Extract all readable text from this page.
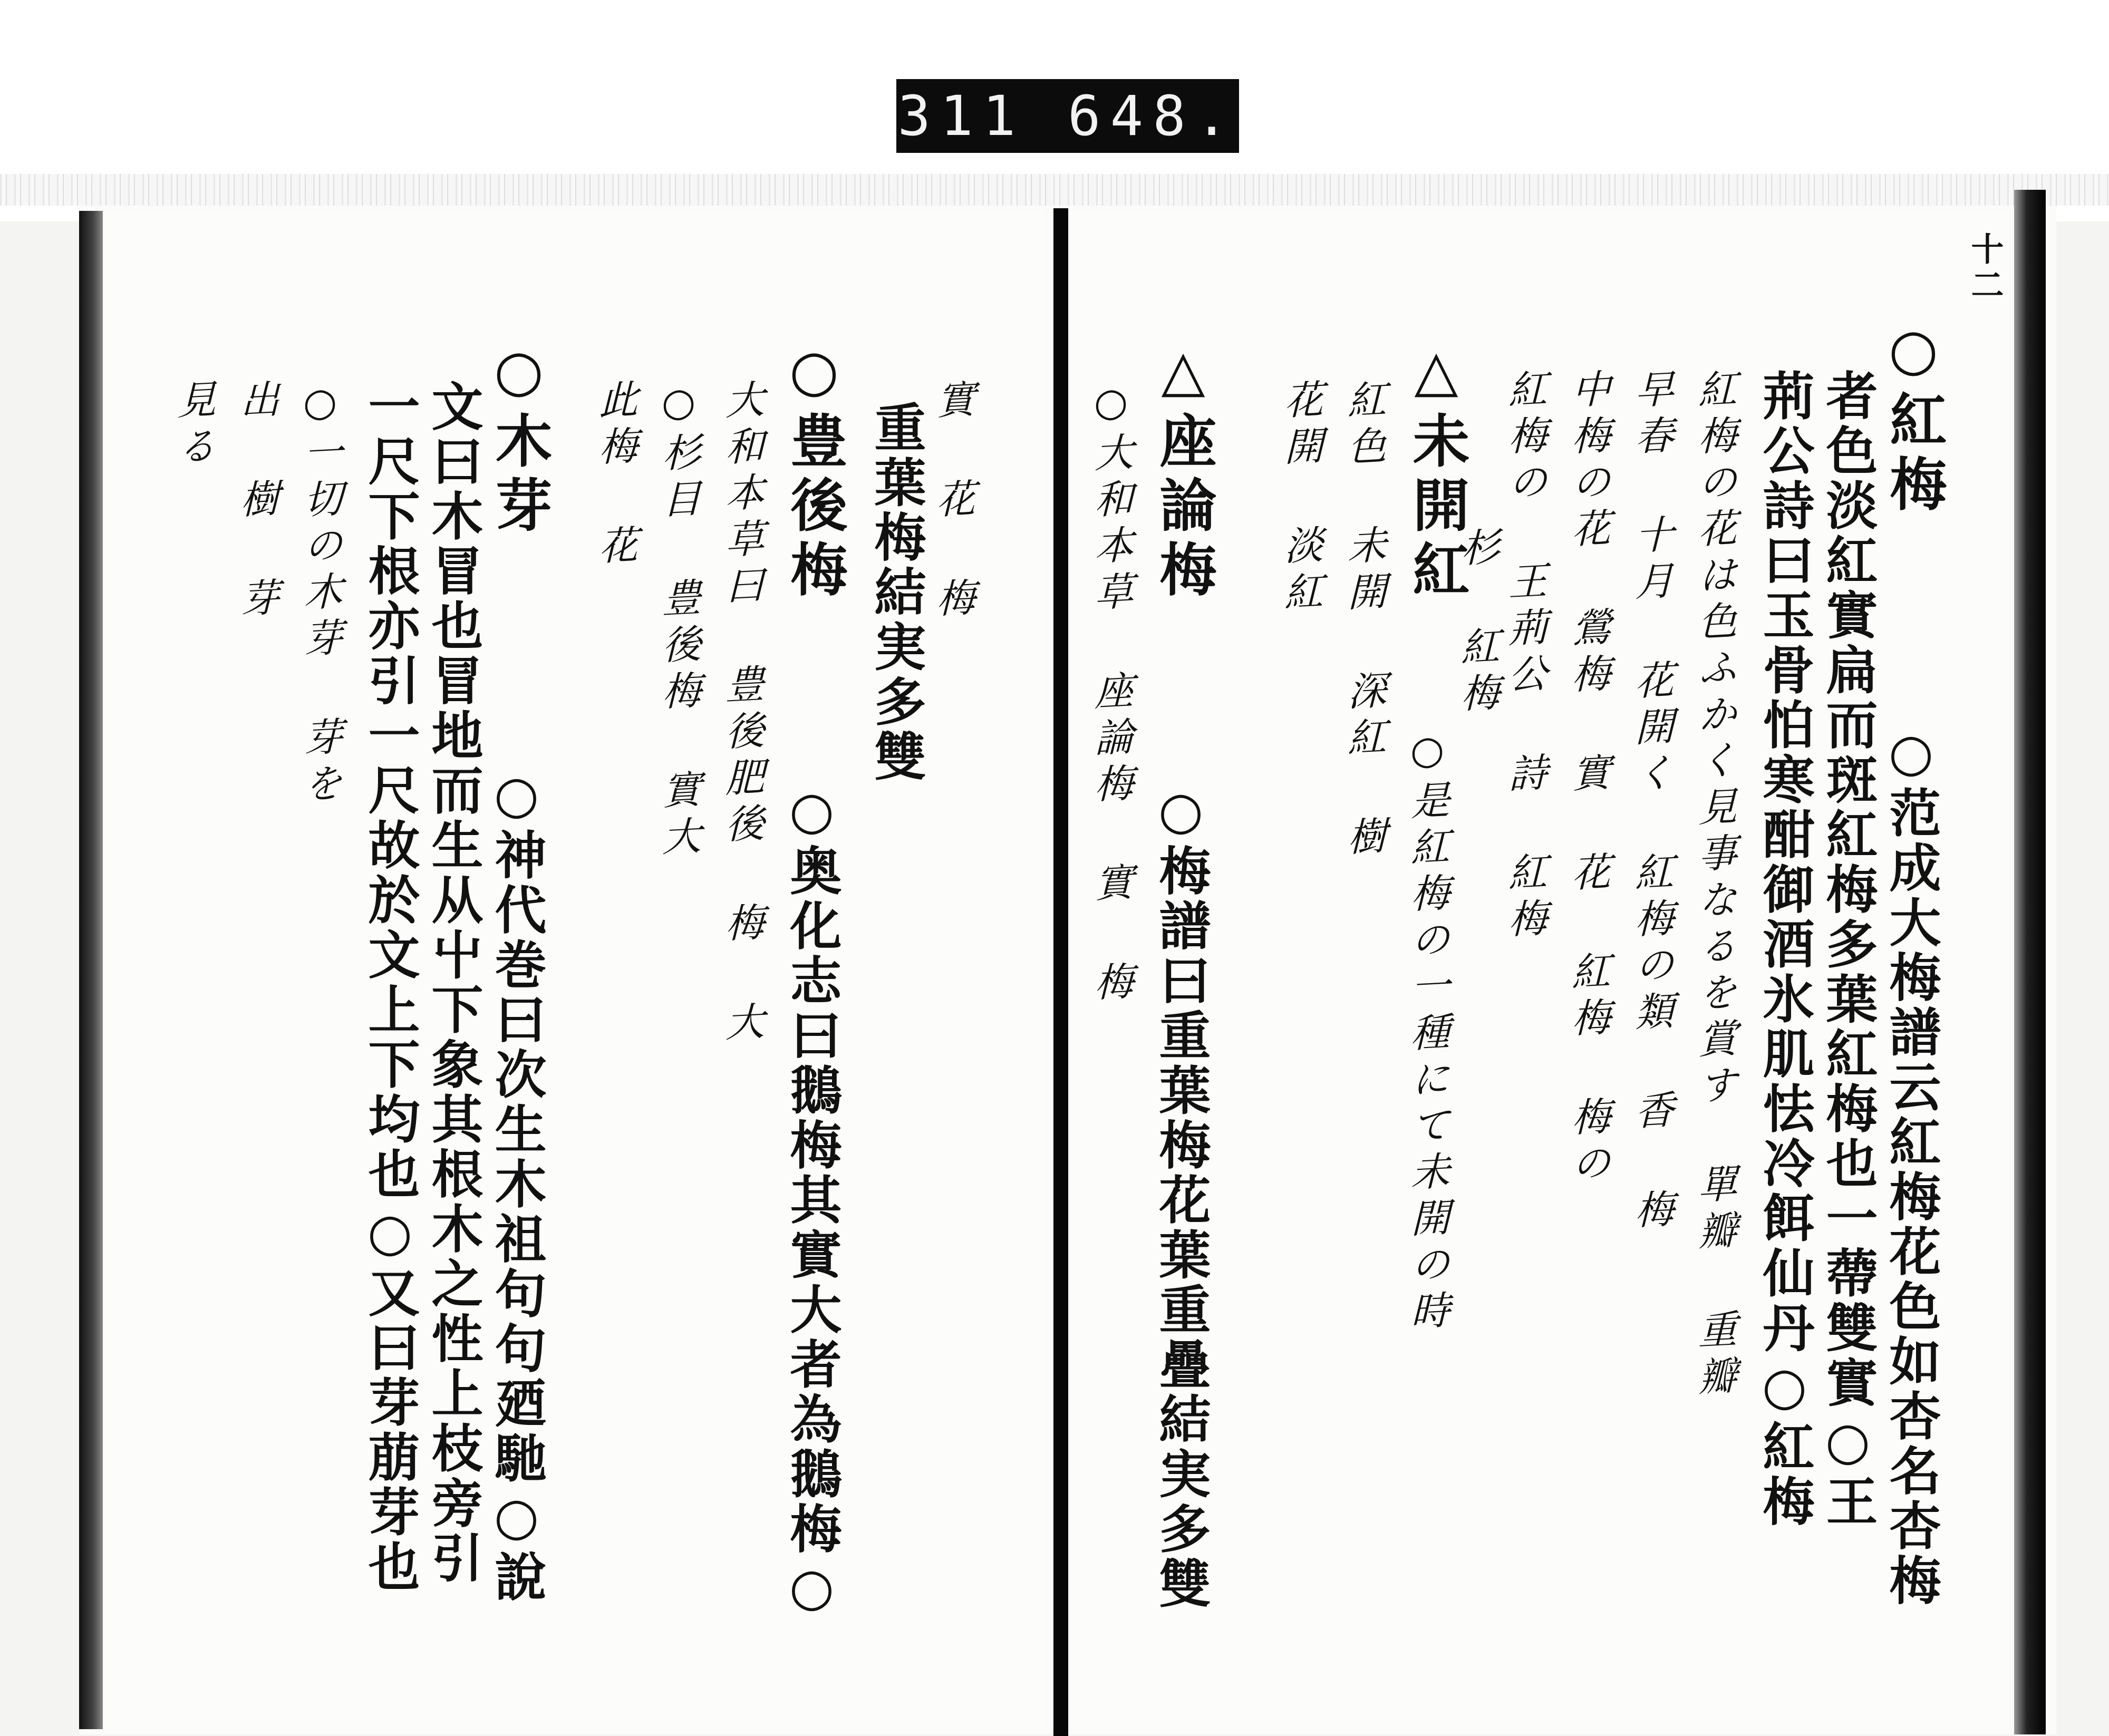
311 648.
十二
○紅梅
○范成大梅譜云紅梅花色如杏名杏梅
者色淡紅實扁而斑紅梅多葉紅梅也一蔕雙實○王
荊公詩曰玉骨怕寒酣御酒氷肌怯冷餌仙丹○紅梅
紅梅の花は色ふかく見事なるを賞す 單瓣 重瓣
早春 十月 花開く 紅梅の類 香 梅
中梅の花 鶯梅 實 花 紅梅 梅の
紅梅の 王荊公 詩 紅梅
杉 紅梅
△未開紅
○是紅梅の一種にて未開の時
紅色 未開 深紅 樹
花開 淡紅
△座論梅
○梅譜曰重葉梅花葉重疊結実多雙
○大和本草 座論梅 實 梅
重葉梅結実多雙 實 花 梅
○豊後梅
○奥化志曰鵝梅其實大者為鵝梅○
大和本草曰 豊後肥後 梅 大
○杉目 豊後梅 實大
此梅 花
○木芽
○神代巻曰次生木祖句句廼馳○說
文曰木冒也冒地而生从屮下象其根木之性上枝旁引
一尺下根亦引一尺故於文上下均也○又曰芽萠芽也
○一切の木芽 芽を
出 樹 芽
見る
